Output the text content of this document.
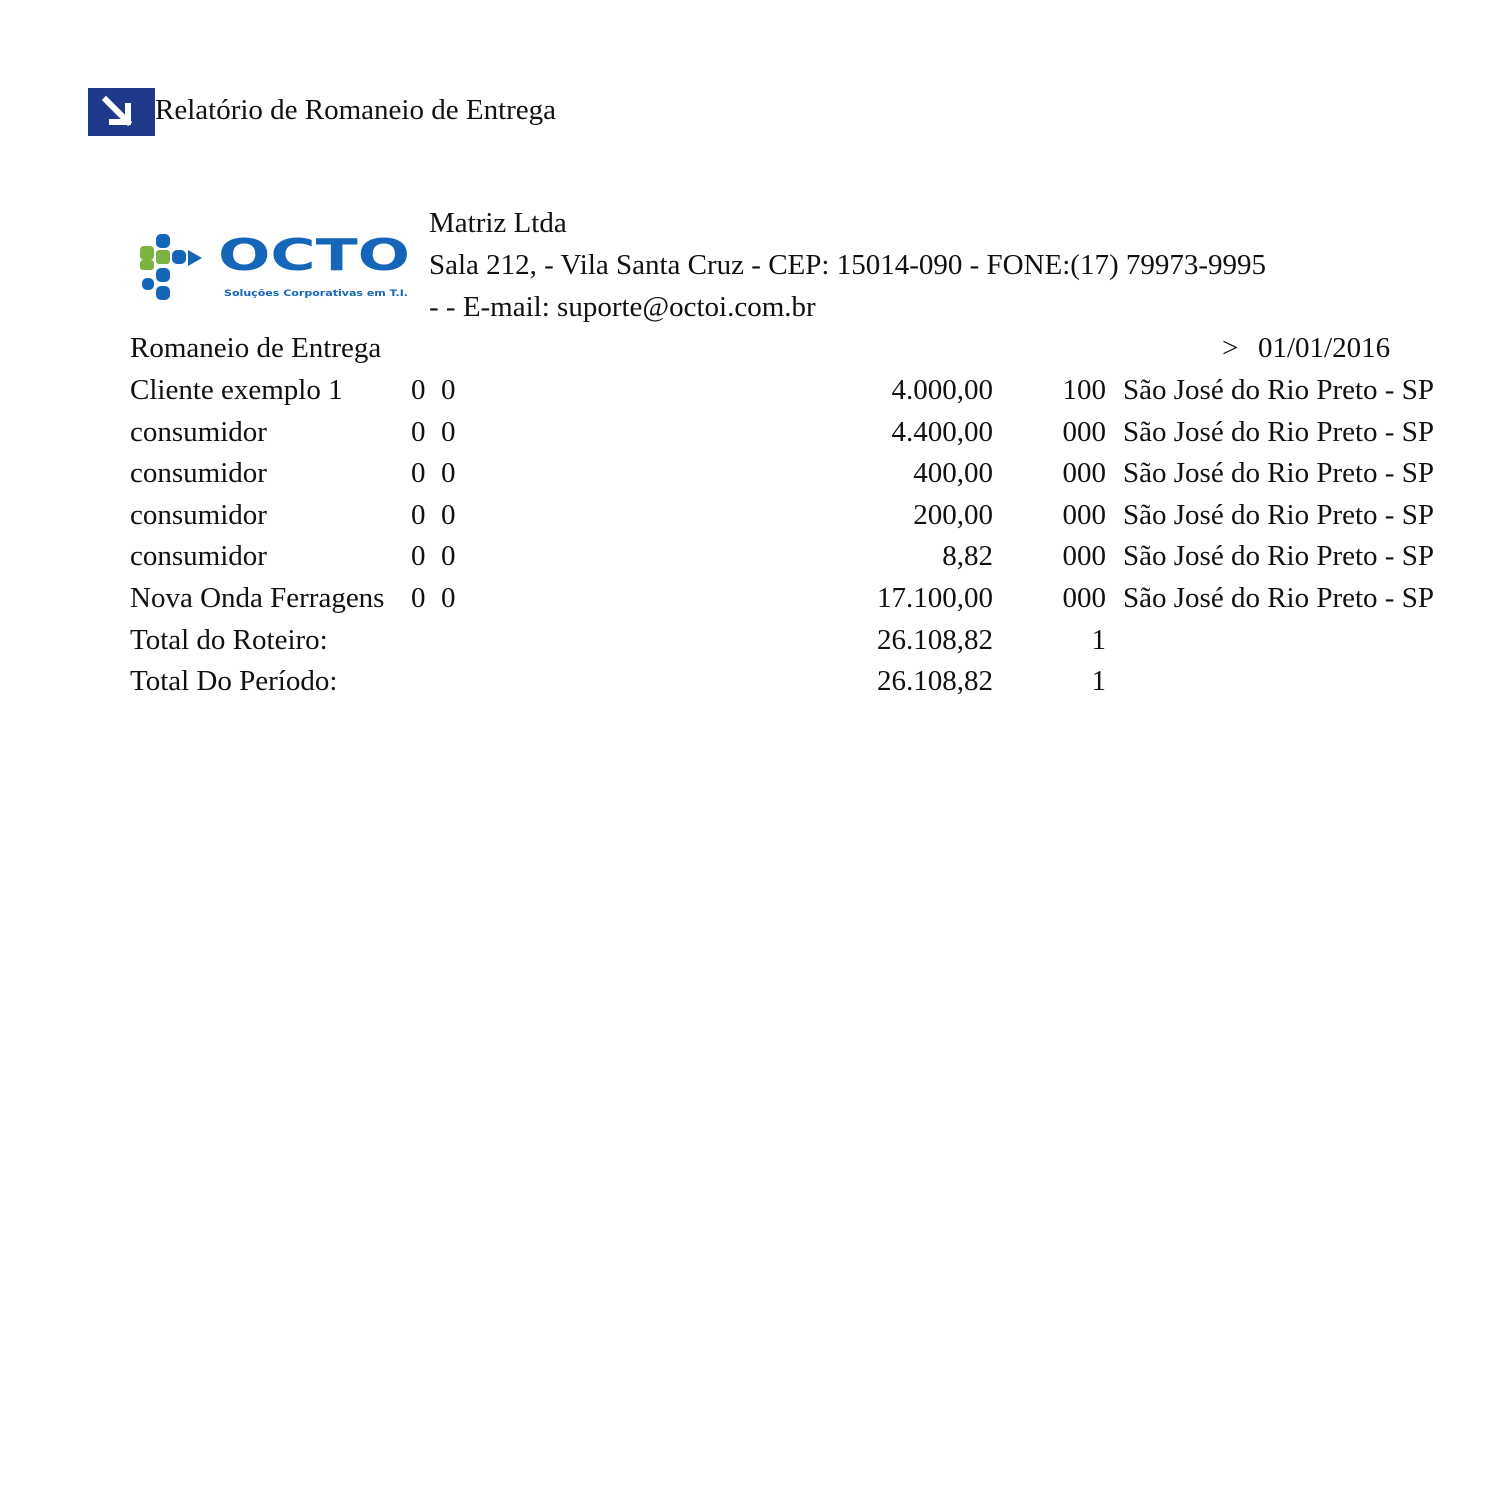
Relatório de Romaneio de Entrega
OCTO
Soluções Corporativas em T.I.
Matriz Ltda
Sala 212, - Vila Santa Cruz - CEP: 15014-090 - FONE:(17) 79973-9995
- - E-mail: suporte@octoi.com.br
Romaneio de Entrega	> 01/01/2016
Cliente exemplo 1	0 0	4.000,00	100 São José do Rio Preto - SP
consumidor	0 0	4.400,00	000 São José do Rio Preto - SP
consumidor	0 0	400,00	000 São José do Rio Preto - SP
consumidor	0 0	200,00	000 São José do Rio Preto - SP
consumidor	0 0	8,82	000 São José do Rio Preto - SP
Nova Onda Ferragens 0 0	17.100,00	000 São José do Rio Preto - SP
Total do Roteiro:	26.108,82	1
Total Do Período:	26.108,82	1
